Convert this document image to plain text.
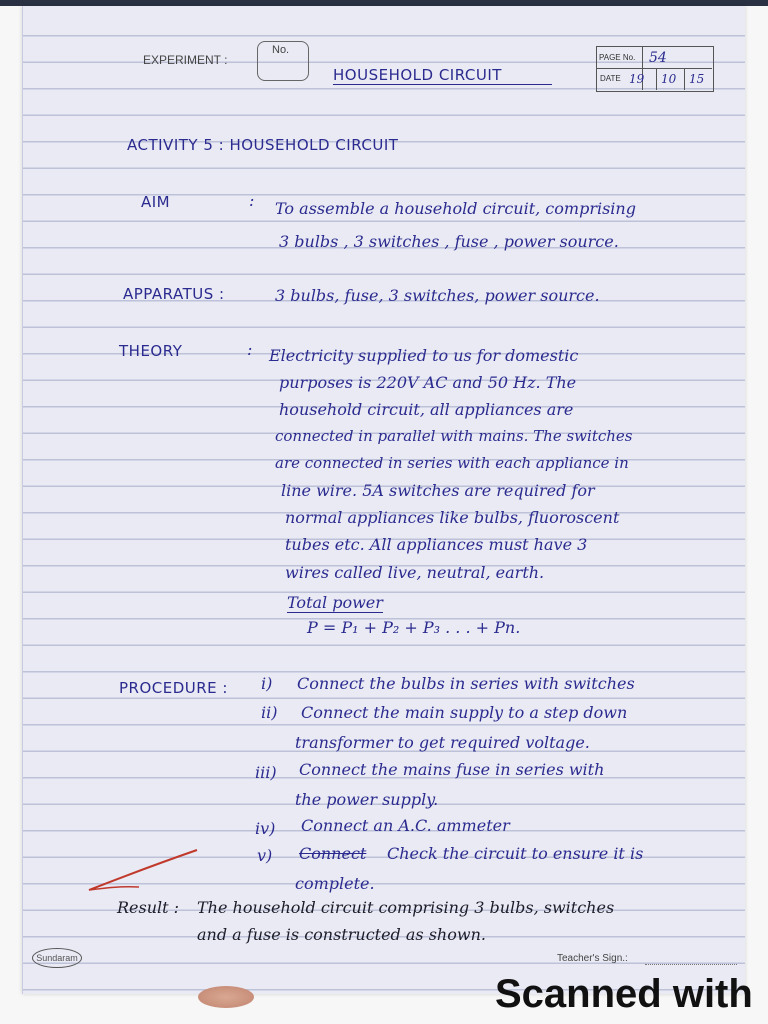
EXPERIMENT :
No.
HOUSEHOLD CIRCUIT
PAGE No. 54
DATE 19 10 15
ACTIVITY 5 : HOUSEHOLD CIRCUIT
AIM	: To assemble a household circuit, comprising
3 bulbs , 3 switches , fuse , power source.
APPARATUS :	3 bulbs, fuse, 3 switches, power source.
THEORY	: Electricity supplied to us for domestic
purposes is 220V AC and 50 Hz. The
household circuit, all appliances are
connected in parallel with mains. The switches
are connected in series with each appliance in
line wire. 5A switches are required for
normal appliances like bulbs, fluoroscent
tubes etc. All appliances must have 3
wires called live, neutral, earth.
Total power
P = P₁ + P₂ + P₃ . . . + Pn.
PROCEDURE : i) Connect the bulbs in series with switches
ii) Connect the main supply to a step down
transformer to get required voltage.
iii) Connect the mains fuse in series with
the power supply.
iv) Connect an A.C. ammeter
v) Connect Check the circuit to ensure it is
complete.
Result : The household circuit comprising 3 bulbs, switches
and a fuse is constructed as shown.
Teacher's Sign.:
Sundaram
Scanned with
